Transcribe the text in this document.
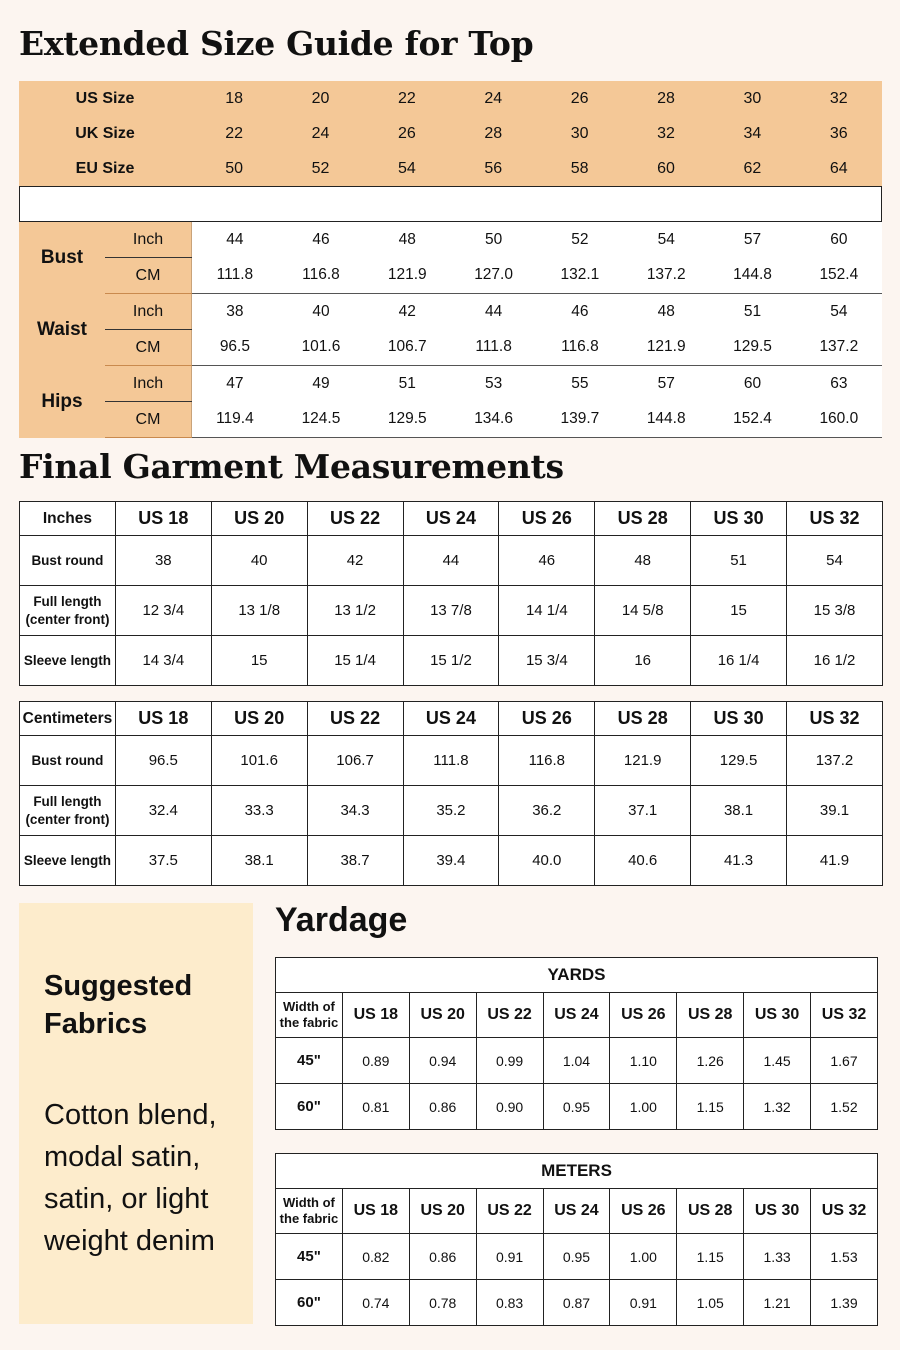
Extended Size Guide for Top
US Size	18	20	22	24	26	28	30	32
UK Size	22	24	26	28	30	32	34	36
EU Size	50	52	54	56	58	60	62	64
Bust	Inch	44	46	48	50	52	54	57	60
	CM	111.8	116.8	121.9	127.0	132.1	137.2	144.8	152.4
Waist	Inch	38	40	42	44	46	48	51	54
	CM	96.5	101.6	106.7	111.8	116.8	121.9	129.5	137.2
Hips	Inch	47	49	51	53	55	57	60	63
	CM	119.4	124.5	129.5	134.6	139.7	144.8	152.4	160.0
Final Garment Measurements
Inches	US 18	US 20	US 22	US 24	US 26	US 28	US 30	US 32
Bust round	38	40	42	44	46	48	51	54
Full length
(center front)	12 3/4	13 1/8	13 1/2	13 7/8	14 1/4	14 5/8	15	15 3/8
Sleeve length	14 3/4	15	15 1/4	15 1/2	15 3/4	16	16 1/4	16 1/2
Centimeters	US 18	US 20	US 22	US 24	US 26	US 28	US 30	US 32
Bust round	96.5	101.6	106.7	111.8	116.8	121.9	129.5	137.2
Full length
(center front)	32.4	33.3	34.3	35.2	36.2	37.1	38.1	39.1
Sleeve length	37.5	38.1	38.7	39.4	40.0	40.6	41.3	41.9

Suggested
Fabrics

Cotton blend,
modal satin,
satin, or light
weight denim

Yardage
YARDS								
Width of
the fabric	US 18	US 20	US 22	US 24	US 26	US 28	US 30	US 32
45"	0.89	0.94	0.99	1.04	1.10	1.26	1.45	1.67
60"	0.81	0.86	0.90	0.95	1.00	1.15	1.32	1.52
METERS								
Width of
the fabric	US 18	US 20	US 22	US 24	US 26	US 28	US 30	US 32
45"	0.82	0.86	0.91	0.95	1.00	1.15	1.33	1.53
60"	0.74	0.78	0.83	0.87	0.91	1.05	1.21	1.39
